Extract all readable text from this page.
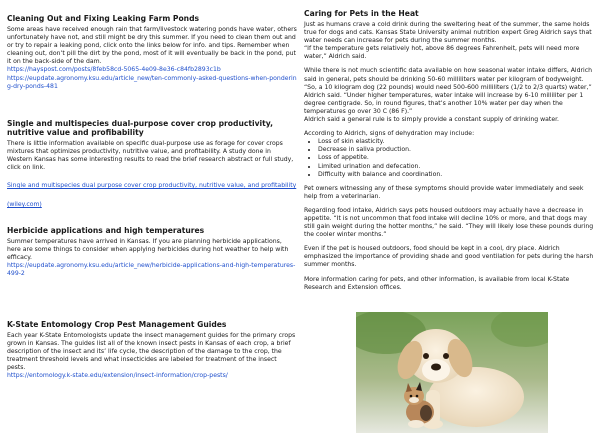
Cleaning Out and Fixing Leaking Farm Ponds

Some areas have received enough rain that farm/livestock watering ponds have water, others unfortunately have not, and still might be dry this summer. If you need to clean them out and or try to repair a leaking pond, click onto the links below for info. and tips. Remember when cleaning out, don’t pill the dirt by the pond, most of it will eventually be back in the pond, put it on the back-side of the dam.

https://hayspost.com/posts/8feb58cd-5065-4e09-8e36-c84fb2893c1b
https://eupdate.agronomy.ksu.edu/article_new/ten-commonly-asked-questions-when-pondering-dry-ponds-481
Single and multispecies dual-purpose cover crop productivity, nutritive value and profibability

There is little information available on specific dual-purpose use as forage for cover crops mixtures that optimizes productivity, nutritive value, and profitability. A study done in Western Kansas has some interesting results to read the brief research abstract or full study, click on link.

Single and multispecies dual purpose cover crop productivity, nutritive value, and profitability (wiley.com)
Herbicide applications and high temperatures

Summer temperatures have arrived in Kansas. If you are planning herbicide applications, here are some things to consider when applying herbicides during hot weather to help with efficacy.

https://eupdate.agronomy.ksu.edu/article_new/herbicide-applications-and-high-temperatures-499-2
K-State Entomology Crop Pest Management Guides

Each year K-State Entomologists update the insect management guides for the primary crops grown in Kansas. The guides list all of the known insect pests in Kansas of each crop, a brief description of the insect and its’ life cycle, the description of the damage to the crop, the treatment threshold levels and what insecticides are labeled for treatment of the insect pests.

https://entomology.k-state.edu/extension/insect-information/crop-pests/
Caring for Pets in the Heat

Just as humans crave a cold drink during the sweltering heat of the summer, the same holds true for dogs and cats. Kansas State University animal nutrition expert Greg Aldrich says that water needs can increase for pets during the summer months.

“If the temperature gets relatively hot, above 86 degrees Fahrenheit, pets will need more water,” Aldrich said.

While there is not much scientific data available on how seasonal water intake differs, Aldrich said in general, pets should be drinking 50-60 milliliters water per kilogram of bodyweight.

“So, a 10 kilogram dog (22 pounds) would need 500-600 milliliters (1/2 to 2/3 quarts) water,” Aldrich said. “Under higher temperatures, water intake will increase by 6-10 milliliter per 1 degree centigrade. So, in round figures, that’s another 10% water per day when the temperatures go over 30 C (86 F).”

Aldrich said a general rule is to simply provide a constant supply of drinking water.

According to Aldrich, signs of dehydration may include:

• Loss of skin elasticity.
• Decrease in saliva production.
• Loss of appetite.
• Limited urination and defecation.
• Difficulty with balance and coordination.

Pet owners witnessing any of these symptoms should provide water immediately and seek help from a veterinarian.

Regarding food intake, Aldrich says pets housed outdoors may actually have a decrease in appetite. “It is not uncommon that food intake will decline 10% or more, and that dogs may still gain weight during the hotter months,” he said. “They will likely lose these pounds during the cooler winter months.”

Even if the pet is housed outdoors, food should be kept in a cool, dry place. Aldrich emphasized the importance of providing shade and good ventilation for pets during the harsh summer months.

More information caring for pets, and other information, is available from local K-State Research and Extension offices.
